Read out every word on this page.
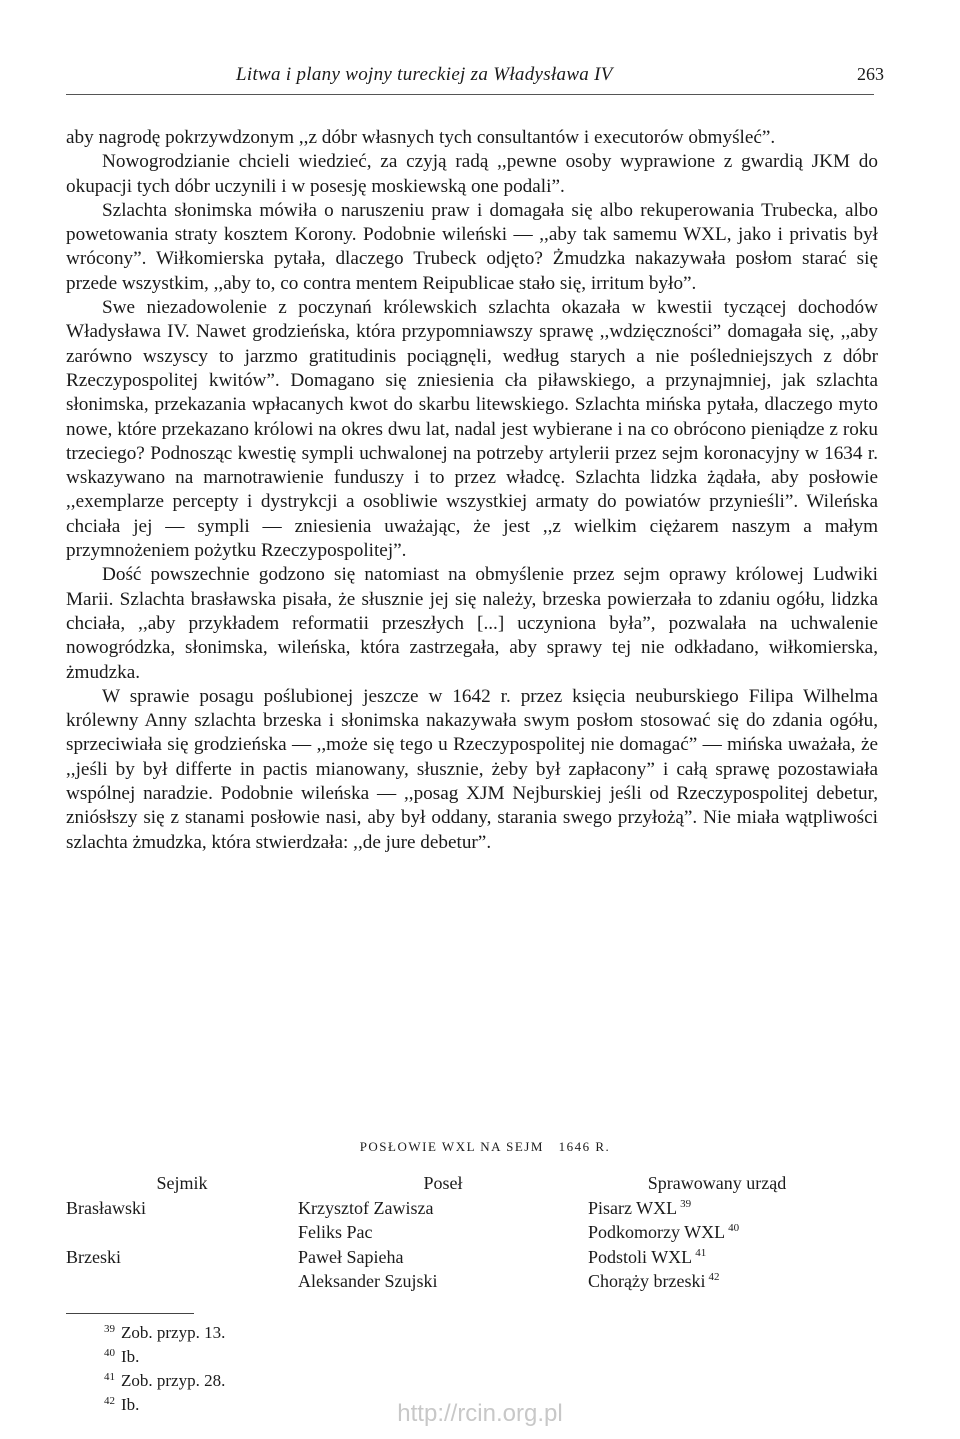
Litwa i plany wojny tureckiej za Władysława IV	263

aby nagrodę pokrzywdzonym ,,z dóbr własnych tych consultantów i executorów obmyśleć”.

Nowogrodzianie chcieli wiedzieć, za czyją radą ,,pewne osoby wyprawione z gwardią JKM do okupacji tych dóbr uczynili i w posesję moskiewską one podali”.

Szlachta słonimska mówiła o naruszeniu praw i domagała się albo rekuperowania Trubecka, albo powetowania straty kosztem Korony. Podobnie wileński — ,,aby tak samemu WXL, jako i privatis był wrócony”. Wiłkomierska pytała, dlaczego Trubeck odjęto? Żmudzka nakazywała posłom starać się przede wszystkim, ,,aby to, co contra mentem Reipublicae stało się, irritum było”.

Swe niezadowolenie z poczynań królewskich szlachta okazała w kwestii tyczącej dochodów Władysława IV. Nawet grodzieńska, która przypomniawszy sprawę ,,wdzięczności” domagała się, ,,aby zarówno wszyscy to jarzmo gratitudinis pociągnęli, według starych a nie pośledniejszych z dóbr Rzeczypospolitej kwitów”. Domagano się zniesienia cła piławskiego, a przynajmniej, jak szlachta słonimska, przekazania wpłacanych kwot do skarbu litewskiego. Szlachta mińska pytała, dlaczego myto nowe, które przekazano królowi na okres dwu lat, nadal jest wybierane i na co obrócono pieniądze z roku trzeciego? Podnosząc kwestię sympli uchwalonej na potrzeby artylerii przez sejm koronacyjny w 1634 r. wskazywano na marnotrawienie funduszy i to przez władcę. Szlachta lidzka żądała, aby posłowie ,,exemplarze percepty i dystrykcji a osobliwie wszystkiej armaty do powiatów przynieśli”. Wileńska chciała jej — sympli — zniesienia uważając, że jest ,,z wielkim ciężarem naszym a małym przymnożeniem pożytku Rzeczypospolitej”.

Dość powszechnie godzono się natomiast na obmyślenie przez sejm oprawy królowej Ludwiki Marii. Szlachta brasławska pisała, że słusznie jej się należy, brzeska powierzała to zdaniu ogółu, lidzka chciała, ,,aby przykładem reformatii przeszłych [...] uczyniona była”, pozwalała na uchwalenie nowogródzka, słonimska, wileńska, która zastrzegała, aby sprawy tej nie odkładano, wiłkomierska, żmudzka.

W sprawie posagu poślubionej jeszcze w 1642 r. przez księcia neuburskiego Filipa Wilhelma królewny Anny szlachta brzeska i słonimska nakazywała swym posłom stosować się do zdania ogółu, sprzeciwiała się grodzieńska — ,,może się tego u Rzeczypospolitej nie domagać” — mińska uważała, że ,,jeśli by był differte in pactis mianowany, słusznie, żeby był zapłacony” i całą sprawę pozostawiała wspólnej naradzie. Podobnie wileńska — ,,posag XJM Nejburskiej jeśli od Rzeczypospolitej debetur, zniósłszy się z stanami posłowie nasi, aby był oddany, starania swego przyłożą”. Nie miała wątpliwości szlachta żmudzka, która stwierdzała: ,,de jure debetur”.

POSŁOWIE WXL NA SEJM 1646 R.
Sejmik	Poseł	Sprawowany urząd
Brasławski	Krzysztof Zawisza	Pisarz WXL $^{39}$
	Feliks Pac	Podkomorzy WXL $^{40}$
Brzeski	Paweł Sapieha	Podstoli WXL $^{41}$
	Aleksander Szujski	Chorąży brzeski $^{42}$
$^{39}$ Zob. przyp. 13.
$^{40}$ Ib.
$^{41}$ Zob. przyp. 28.
$^{42}$ Ib.	http://rcin.org.pl
